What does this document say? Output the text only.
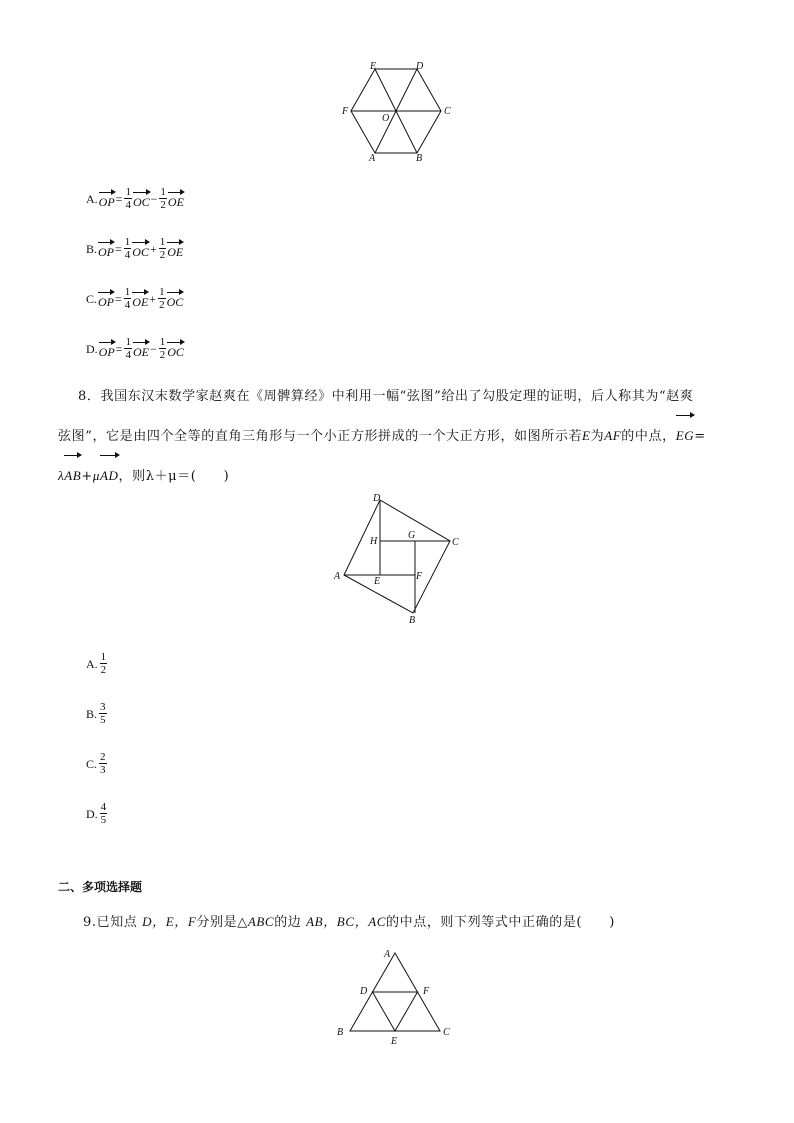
E	D
F	C
O
A	B
A. OP = $\frac{1}{4}$ OC − $\frac{1}{2}$ OE
B. OP = $\frac{1}{4}$ OC + $\frac{1}{2}$ OE
C. OP = $\frac{1}{4}$ OE + $\frac{1}{2}$ OC
D. OP = $\frac{1}{4}$ OE − $\frac{1}{2}$ OC
8．我国东汉末数学家赵爽在《周髀算经》中利用一幅“弦图”给出了勾股定理的证明，后人称其为“赵爽
弦图”，它是由四个全等的直角三角形与一个小正方形拼成的一个大正方形，如图所示若E为AF的中点，EG=
λAB+μAD，则λ＋μ＝(　　)
D
H
G
C
A	E	F
B
A. $\frac{1}{2}$
B. $\frac{3}{5}$
C. $\frac{2}{3}$
D. $\frac{4}{5}$
二、多项选择题
9.已知点 D，E，F分别是△ABC的边 AB，BC，AC的中点，则下列等式中正确的是(　　)
A
D	F
B
E
C
